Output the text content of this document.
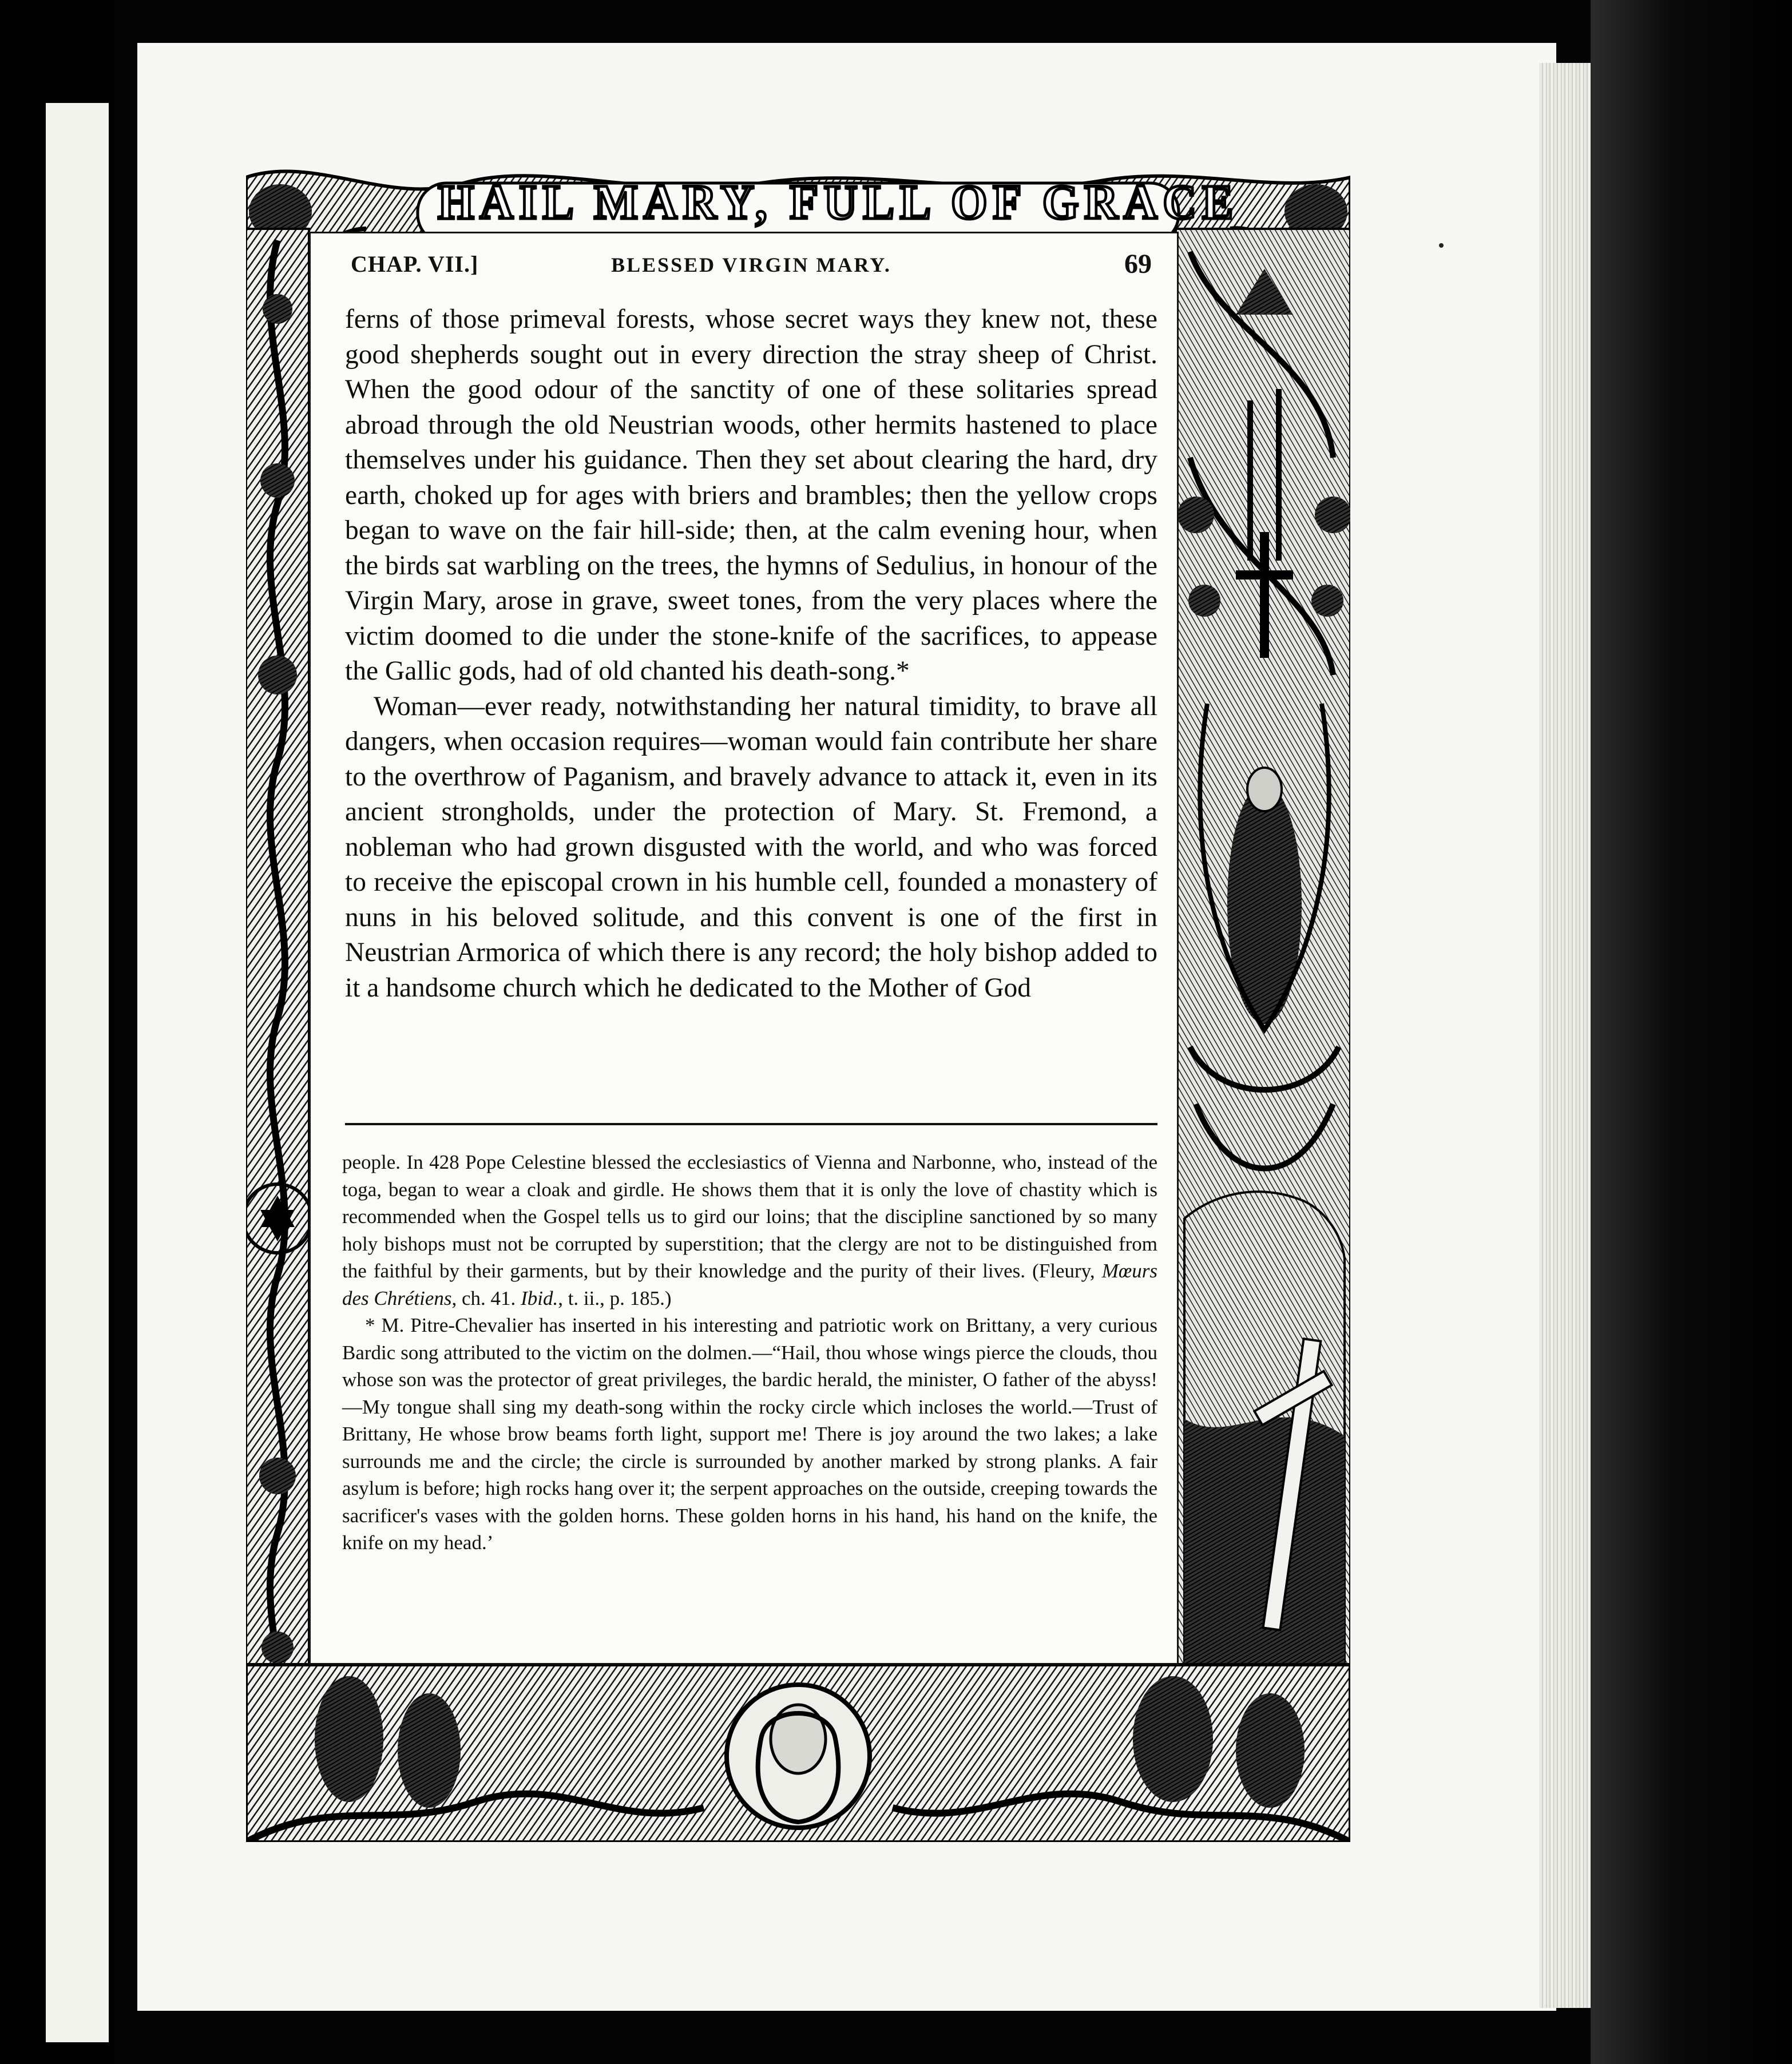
CHAP. VII.]	BLESSED VIRGIN MARY.	69

ferns of those primeval forests, whose secret ways they knew not, these good shepherds sought out in every direction the stray sheep of Christ. When the good odour of the sanctity of one of these solitaries spread abroad through the old Neustrian woods, other hermits hastened to place themselves under his guidance. Then they set about clearing the hard, dry earth, choked up for ages with briers and brambles; then the yellow crops began to wave on the fair hill-side; then, at the calm evening hour, when the birds sat warbling on the trees, the hymns of Sedulius, in honour of the Virgin Mary, arose in grave, sweet tones, from the very places where the victim doomed to die under the stone-knife of the sacrifices, to appease the Gallic gods, had of old chanted his death-song.*

Woman—ever ready, notwithstanding her natural timidity, to brave all dangers, when occasion requires—woman would fain contribute her share to the overthrow of Paganism, and bravely advance to attack it, even in its ancient strongholds, under the protection of Mary. St. Fremond, a nobleman who had grown disgusted with the world, and who was forced to receive the episcopal crown in his humble cell, founded a monastery of nuns in his beloved solitude, and this convent is one of the first in Neustrian Armorica of which there is any record; the holy bishop added to it a handsome church which he dedicated to the Mother of God

people. In 428 Pope Celestine blessed the ecclesiastics of Vienna and Narbonne, who, instead of the toga, began to wear a cloak and girdle. He shows them that it is only the love of chastity which is recommended when the Gospel tells us to gird our loins; that the discipline sanctioned by so many holy bishops must not be corrupted by superstition; that the clergy are not to be distinguished from the faithful by their garments, but by their knowledge and the purity of their lives. (Fleury, Mœurs des Chrétiens, ch. 41. Ibid., t. ii., p. 185.)

* M. Pitre-Chevalier has inserted in his interesting and patriotic work on Brittany, a very curious Bardic song attributed to the victim on the dolmen.—“Hail, thou whose wings pierce the clouds, thou whose son was the protector of great privileges, the bardic herald, the minister, O father of the abyss!—My tongue shall sing my death-song within the rocky circle which incloses the world.—Trust of Brittany, He whose brow beams forth light, support me! There is joy around the two lakes; a lake surrounds me and the circle; the circle is surrounded by another marked by strong planks. A fair asylum is before; high rocks hang over it; the serpent approaches on the outside, creeping towards the sacrificer's vases with the golden horns. These golden horns in his hand, his hand on the knife, the knife on my head.’

HAIL MARY, FULL OF GRACE
